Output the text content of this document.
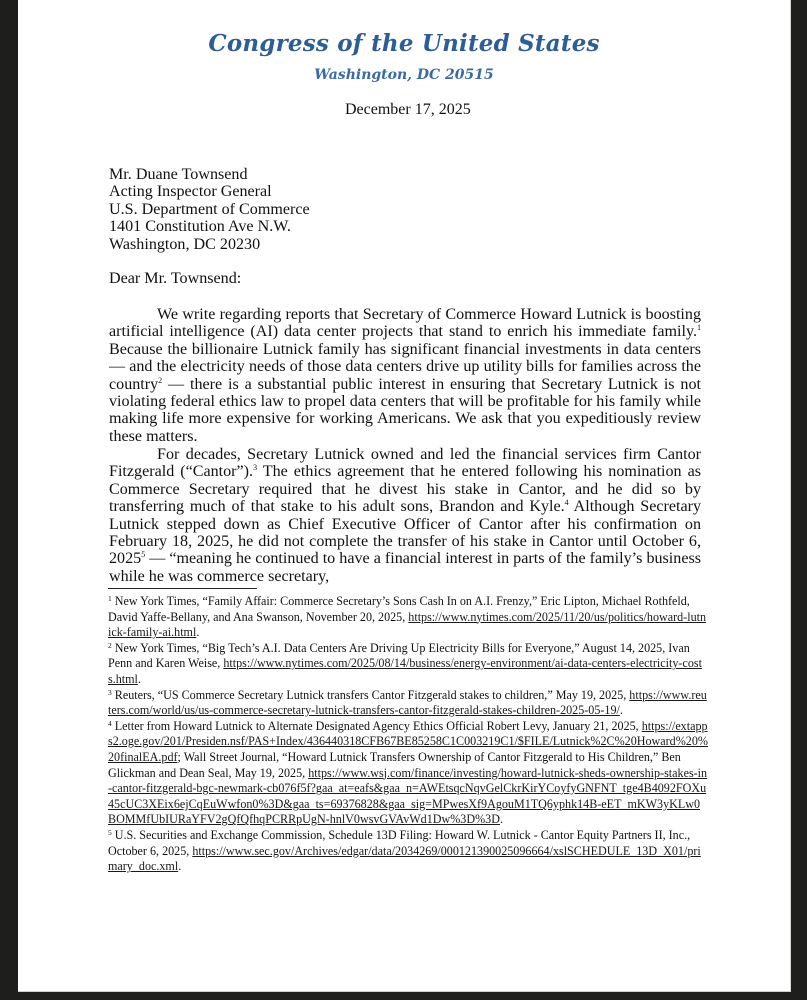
Congress of the United States
Washington, DC 20515
December 17, 2025
Mr. Duane Townsend
Acting Inspector General
U.S. Department of Commerce
1401 Constitution Ave N.W.
Washington, DC 20230
Dear Mr. Townsend:
We write regarding reports that Secretary of Commerce Howard Lutnick is boosting artificial intelligence (AI) data center projects that stand to enrich his immediate family.$^1$ Because the billionaire Lutnick family has significant financial investments in data centers — and the electricity needs of those data centers drive up utility bills for families across the country$^2$ — there is a substantial public interest in ensuring that Secretary Lutnick is not violating federal ethics law to propel data centers that will be profitable for his family while making life more expensive for working Americans. We ask that you expeditiously review these matters.
For decades, Secretary Lutnick owned and led the financial services firm Cantor Fitzgerald (“Cantor”).$^3$ The ethics agreement that he entered following his nomination as Commerce Secretary required that he divest his stake in Cantor, and he did so by transferring much of that stake to his adult sons, Brandon and Kyle.$^4$ Although Secretary Lutnick stepped down as Chief Executive Officer of Cantor after his confirmation on February 18, 2025, he did not complete the transfer of his stake in Cantor until October 6, 2025$^5$ — “meaning he continued to have a financial interest in parts of the family’s business while he was commerce secretary,

$^1$ New York Times, “Family Affair: Commerce Secretary’s Sons Cash In on A.I. Frenzy,” Eric Lipton, Michael Rothfeld, David Yaffe-Bellany, and Ana Swanson, November 20, 2025, https://www.nytimes.com/2025/11/20/us/politics/howard-lutnick-family-ai.html.

$^2$ New York Times, “Big Tech’s A.I. Data Centers Are Driving Up Electricity Bills for Everyone,” August 14, 2025, Ivan Penn and Karen Weise, https://www.nytimes.com/2025/08/14/business/energy-environment/ai-data-centers-electricity-costs.html.

$^3$ Reuters, “US Commerce Secretary Lutnick transfers Cantor Fitzgerald stakes to children,” May 19, 2025, https://www.reuters.com/world/us/us-commerce-secretary-lutnick-transfers-cantor-fitzgerald-stakes-children-2025-05-19/.

$^4$ Letter from Howard Lutnick to Alternate Designated Agency Ethics Official Robert Levy, January 21, 2025, https://extapps2.oge.gov/201/Presiden.nsf/PAS+Index/436440318CFB67BE85258C1C003219C1/$FILE/Lutnick%2C%20Howard%20%20finalEA.pdf; Wall Street Journal, “Howard Lutnick Transfers Ownership of Cantor Fitzgerald to His Children,” Ben Glickman and Dean Seal, May 19, 2025, https://www.wsj.com/finance/investing/howard-lutnick-sheds-ownership-stakes-in-cantor-fitzgerald-bgc-newmark-cb076f5f?gaa_at=eafs&gaa_n=AWEtsqcNqvGelCkrKirYCoyfyGNFNT_tge4B4092FOXu45cUC3XEix6ejCqEuWwfon0%3D&gaa_ts=69376828&gaa_sig=MPwesXf9AgouM1TQ6yphk14B-eET_mKW3yKLw0BOMMfUbIURaYFV2gQfQfhqPCRRpUgN-hnlV0wsvGVAvWd1Dw%3D%3D.

$^5$ U.S. Securities and Exchange Commission, Schedule 13D Filing: Howard W. Lutnick - Cantor Equity Partners II, Inc., October 6, 2025, https://www.sec.gov/Archives/edgar/data/2034269/000121390025096664/xslSCHEDULE_13D_X01/primary_doc.xml.
